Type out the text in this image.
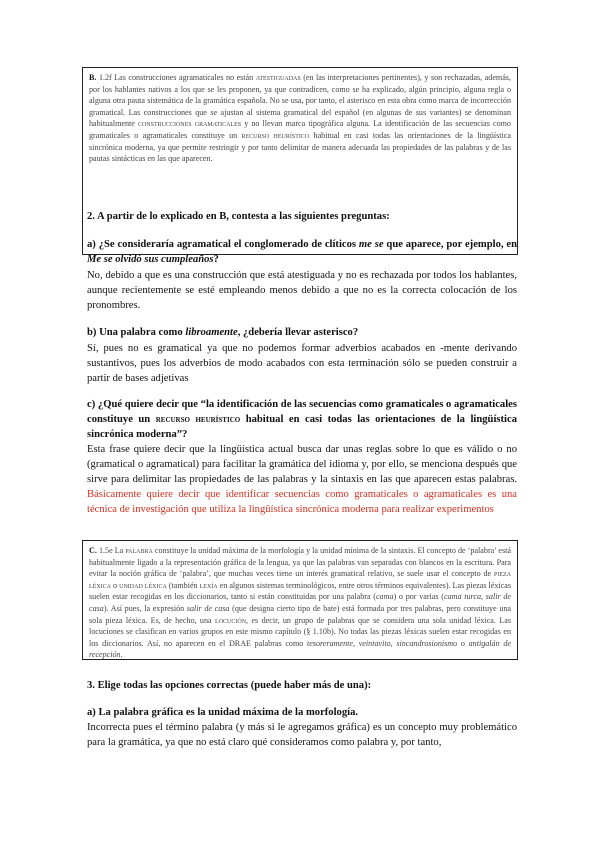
B. 1.2f Las construcciones agramaticales no están atestiguadas (en las interpretaciones pertinentes), y son rechazadas, además, por los hablantes nativos a los que se les proponen, ya que contradicen, como se ha explicado, algún principio, alguna regla o alguna otra pauta sistemática de la gramática española. No se usa, por tanto, el asterisco en esta obra como marca de incorrección gramatical. Las construcciones que se ajustan al sistema gramatical del español (en algunas de sus variantes) se denominan habitualmente construcciones gramaticales y no llevan marca tipográfica alguna. La identificación de las secuencias como gramaticales o agramaticales constituye un recurso heurístico habitual en casi todas las orientaciones de la lingüística sincrónica moderna, ya que permite restringir y por tanto delimitar de manera adecuada las propiedades de las palabras y de las pautas sintácticas en las que aparecen.
2. A partir de lo explicado en B, contesta a las siguientes preguntas:
a) ¿Se consideraría agramatical el conglomerado de clíticos me se que aparece, por ejemplo, en Me se olvidó sus cumpleaños?
No, debido a que es una construcción que está atestiguada y no es rechazada por todos los hablantes, aunque recientemente se esté empleando menos debido a que no es la correcta colocación de los pronombres.
b) Una palabra como libroamente, ¿debería llevar asterisco?
Sí, pues no es gramatical ya que no podemos formar adverbios acabados en -mente derivando sustantivos, pues los adverbios de modo acabados con esta terminación sólo se pueden construir a partir de bases adjetivas
c) ¿Qué quiere decir que “la identificación de las secuencias como gramaticales o agramaticales constituye un recurso heurístico habitual en casi todas las orientaciones de la lingüística sincrónica moderna”?
Esta frase quiere decir que la lingüística actual busca dar unas reglas sobre lo que es válido o no (gramatical o agramatical) para facilitar la gramática del idioma y, por ello, se menciona después que sirve para delimitar las propiedades de las palabras y la sintaxis en las que aparecen estas palabras. Básicamente quiere decir que identificar secuencias como gramaticales o agramaticales es una técnica de investigación que utiliza la lingüística sincrónica moderna para realizar experimentos
C. 1.5e La palabra constituye la unidad máxima de la morfología y la unidad mínima de la sintaxis. El concepto de ‘palabra’ está habitualmente ligado a la representación gráfica de la lengua, ya que las palabras van separadas con blancos en la escritura. Para evitar la noción gráfica de ‘palabra’, que muchas veces tiene un interés gramatical relativo, se suele usar el concepto de pieza léxica o unidad léxica (también lexía en algunos sistemas terminológicos, entre otros términos equivalentes). Las piezas léxicas suelen estar recogidas en los diccionarios, tanto si están constituidas por una palabra (cama) o por varias (cama turca, salir de casa). Así pues, la expresión salir de casa (que designa cierto tipo de bate) está formada por tres palabras, pero constituye una sola pieza léxica. Es, de hecho, una locución, es decir, un grupo de palabras que se considera una sola unidad léxica. Las locuciones se clasifican en varios grupos en este mismo capítulo (§ 1.10b). No todas las piezas léxicas suelen estar recogidas en los diccionarios. Así, no aparecen en el DRAE palabras como tesoreramente, veintavito, sincandrosionismo o antigalán de recepción.
3. Elige todas las opciones correctas (puede haber más de una):
a) La palabra gráfica es la unidad máxima de la morfología.
Incorrecta pues el término palabra (y más si le agregamos gráfica) es un concepto muy problemático para la gramática, ya que no está claro qué consideramos como palabra y, por tanto,
